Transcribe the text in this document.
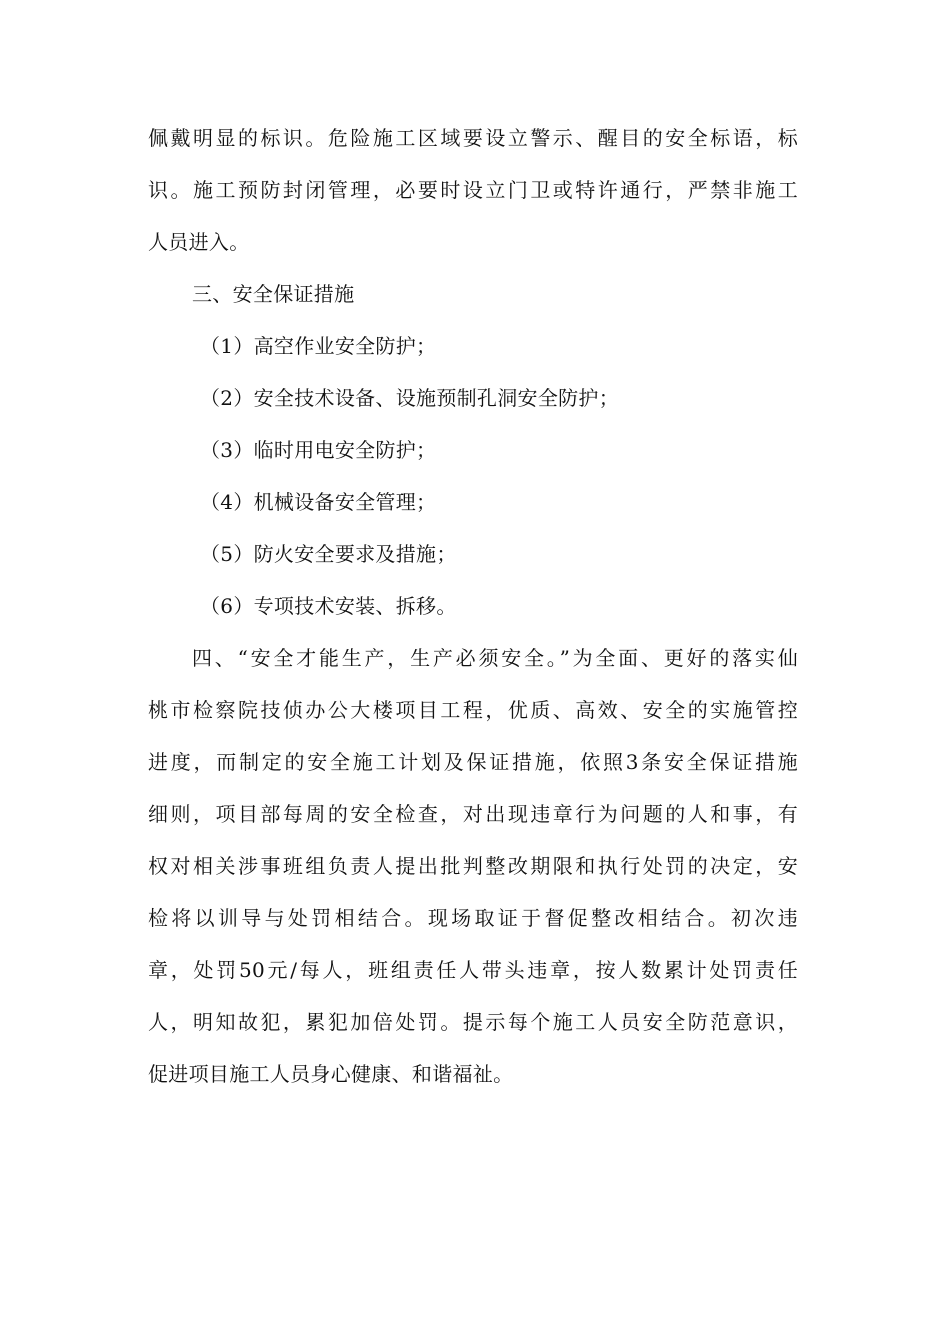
佩戴明显的标识。危险施工区域要设立警示、醒目的安全标语，标
识。施工预防封闭管理，必要时设立门卫或特许通行，严禁非施工
人员进入。
三、安全保证措施
（1）高空作业安全防护；
（2）安全技术设备、设施预制孔洞安全防护；
（3）临时用电安全防护；
（4）机械设备安全管理；
（5）防火安全要求及措施；
（6）专项技术安装、拆移。
四、“安全才能生产，生产必须安全。”为全面、更好的落实仙
桃市检察院技侦办公大楼项目工程，优质、高效、安全的实施管控
进度，而制定的安全施工计划及保证措施，依照3条安全保证措施
细则，项目部每周的安全检查，对出现违章行为问题的人和事，有
权对相关涉事班组负责人提出批判整改期限和执行处罚的决定，安
检将以训导与处罚相结合。现场取证于督促整改相结合。初次违
章，处罚50元/每人，班组责任人带头违章，按人数累计处罚责任
人，明知故犯，累犯加倍处罚。提示每个施工人员安全防范意识，
促进项目施工人员身心健康、和谐福祉。
